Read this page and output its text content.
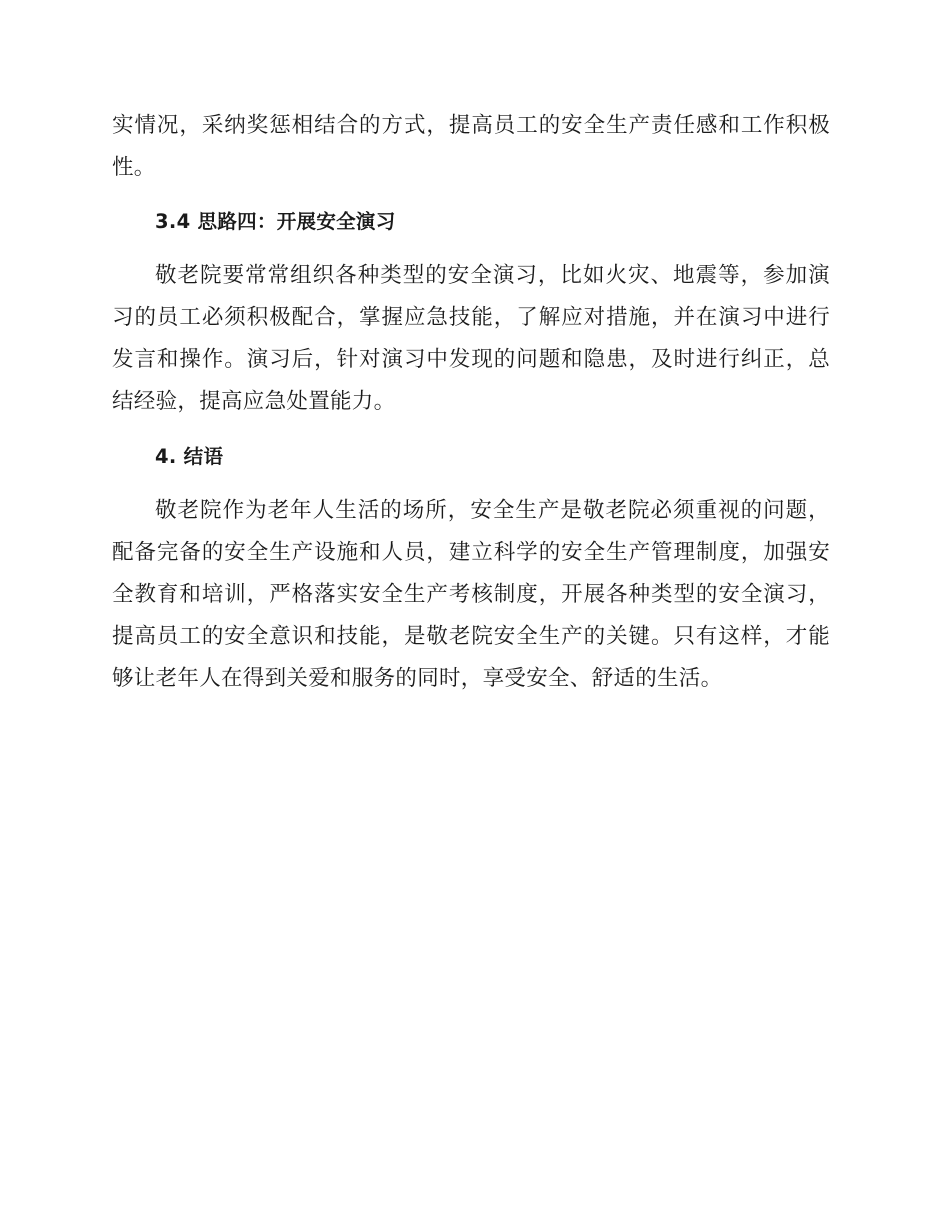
实情况，采纳奖惩相结合的方式，提高员工的安全生产责任感和工作积极性。

3.4 思路四：开展安全演习

敬老院要常常组织各种类型的安全演习，比如火灾、地震等，参加演习的员工必须积极配合，掌握应急技能，了解应对措施，并在演习中进行发言和操作。演习后，针对演习中发现的问题和隐患，及时进行纠正，总结经验，提高应急处置能力。

4. 结语

敬老院作为老年人生活的场所，安全生产是敬老院必须重视的问题，配备完备的安全生产设施和人员，建立科学的安全生产管理制度，加强安全教育和培训，严格落实安全生产考核制度，开展各种类型的安全演习，提高员工的安全意识和技能，是敬老院安全生产的关键。只有这样，才能够让老年人在得到关爱和服务的同时，享受安全、舒适的生活。
